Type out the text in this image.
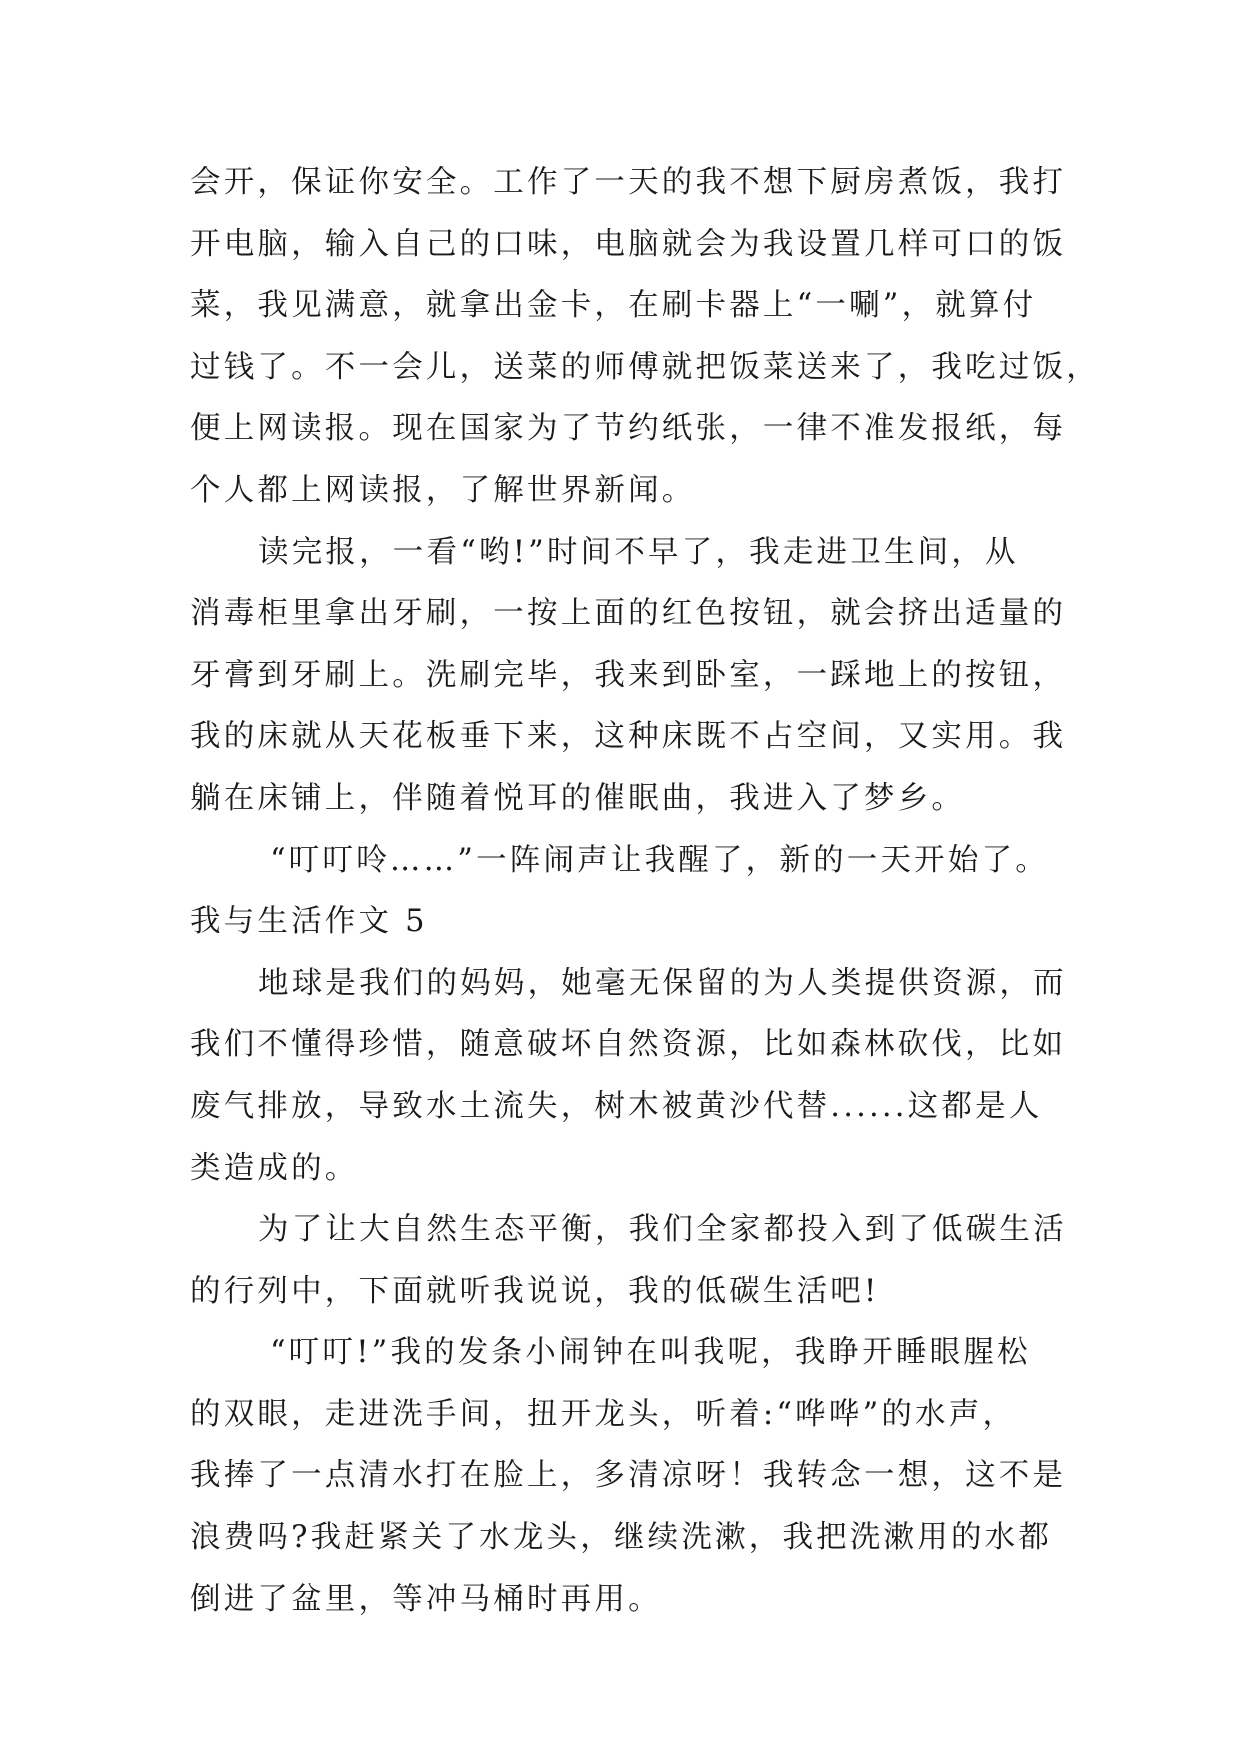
会开，保证你安全。工作了一天的我不想下厨房煮饭，我打
开电脑，输入自己的口味，电脑就会为我设置几样可口的饭
菜，我见满意，就拿出金卡，在刷卡器上“一唰”，就算付
过钱了。不一会儿，送菜的师傅就把饭菜送来了，我吃过饭，
便上网读报。现在国家为了节约纸张，一律不准发报纸，每
个人都上网读报，了解世界新闻。
读完报，一看“哟!”时间不早了，我走进卫生间，从
消毒柜里拿出牙刷，一按上面的红色按钮，就会挤出适量的
牙膏到牙刷上。洗刷完毕，我来到卧室，一踩地上的按钮，
我的床就从天花板垂下来，这种床既不占空间，又实用。我
躺在床铺上，伴随着悦耳的催眠曲，我进入了梦乡。
“叮叮呤……”一阵闹声让我醒了，新的一天开始了。
我与生活作文 5
地球是我们的妈妈，她毫无保留的为人类提供资源，而
我们不懂得珍惜，随意破坏自然资源，比如森林砍伐，比如
废气排放，导致水土流失，树木被黄沙代替......这都是人
类造成的。
为了让大自然生态平衡，我们全家都投入到了低碳生活
的行列中，下面就听我说说，我的低碳生活吧!
“叮叮!”我的发条小闹钟在叫我呢，我睁开睡眼腥松
的双眼，走进洗手间，扭开龙头，听着:“哗哗”的水声，
我捧了一点清水打在脸上，多清凉呀！我转念一想，这不是
浪费吗?我赶紧关了水龙头，继续洗漱，我把洗漱用的水都
倒进了盆里，等冲马桶时再用。
